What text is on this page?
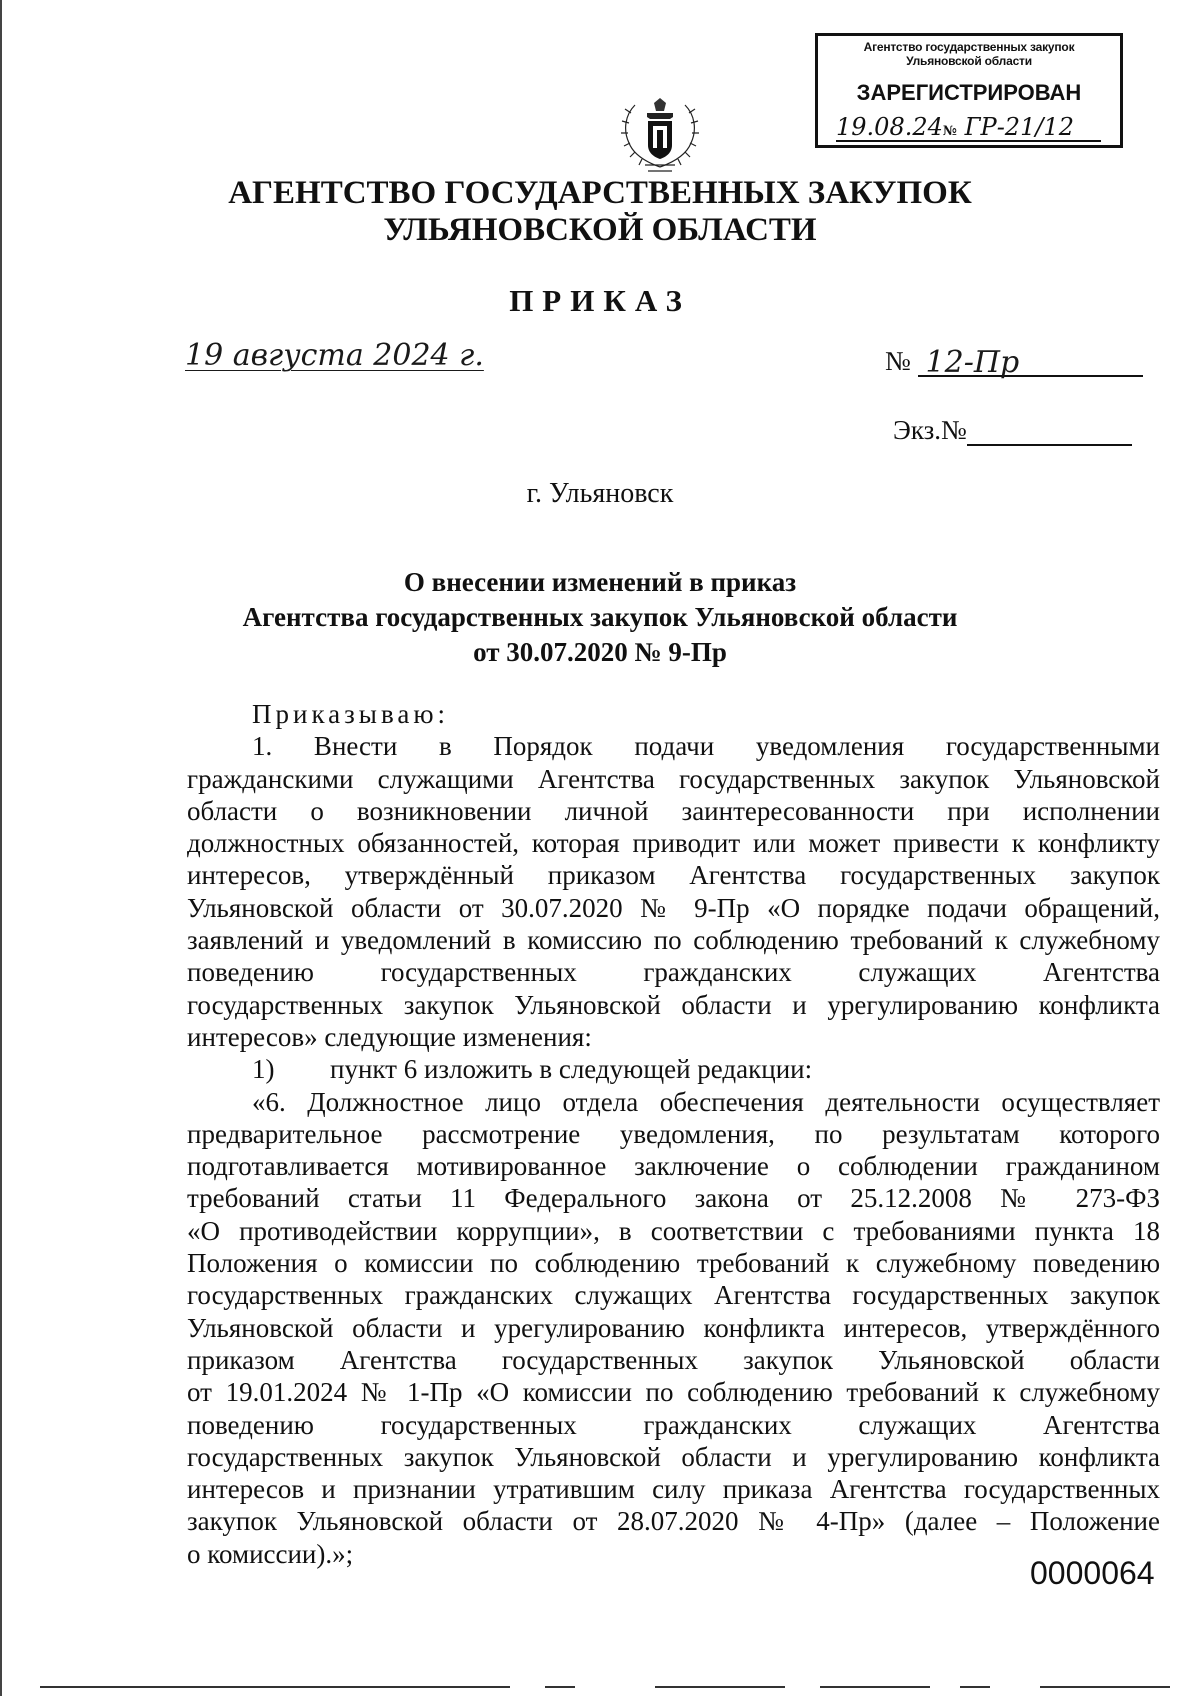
Агентство государственных закупок
Ульяновской области
ЗАРЕГИСТРИРОВАН
19.08.24№ ГР-21/12
АГЕНТСТВО ГОСУДАРСТВЕННЫХ ЗАКУПОК
УЛЬЯНОВСКОЙ ОБЛАСТИ
ПРИКАЗ
19 августа 2024 г.	№ 12-Пр
Экз.№
г. Ульяновск
О внесении изменений в приказ
Агентства государственных закупок Ульяновской области
от 30.07.2020 № 9-Пр
Приказываю:
1. Внести в Порядок подачи уведомления государственными
гражданскими служащими Агентства государственных закупок Ульяновской
области о возникновении личной заинтересованности при исполнении
должностных обязанностей, которая приводит или может привести к конфликту
интересов, утверждённый приказом Агентства государственных закупок
Ульяновской области от 30.07.2020 № 9-Пр «О порядке подачи обращений,
заявлений и уведомлений в комиссию по соблюдению требований к служебному
поведению государственных гражданских служащих Агентства
государственных закупок Ульяновской области и урегулированию конфликта
интересов» следующие изменения:
1) пункт 6 изложить в следующей редакции:
«6. Должностное лицо отдела обеспечения деятельности осуществляет
предварительное рассмотрение уведомления, по результатам которого
подготавливается мотивированное заключение о соблюдении гражданином
требований статьи 11 Федерального закона от 25.12.2008 № 273-ФЗ
«О противодействии коррупции», в соответствии с требованиями пункта 18
Положения о комиссии по соблюдению требований к служебному поведению
государственных гражданских служащих Агентства государственных закупок
Ульяновской области и урегулированию конфликта интересов, утверждённого
приказом Агентства государственных закупок Ульяновской области
от 19.01.2024 № 1-Пр «О комиссии по соблюдению требований к служебному
поведению государственных гражданских служащих Агентства
государственных закупок Ульяновской области и урегулированию конфликта
интересов и признании утратившим силу приказа Агентства государственных
закупок Ульяновской области от 28.07.2020 № 4-Пр» (далее – Положение
о комиссии).»;
0000064
